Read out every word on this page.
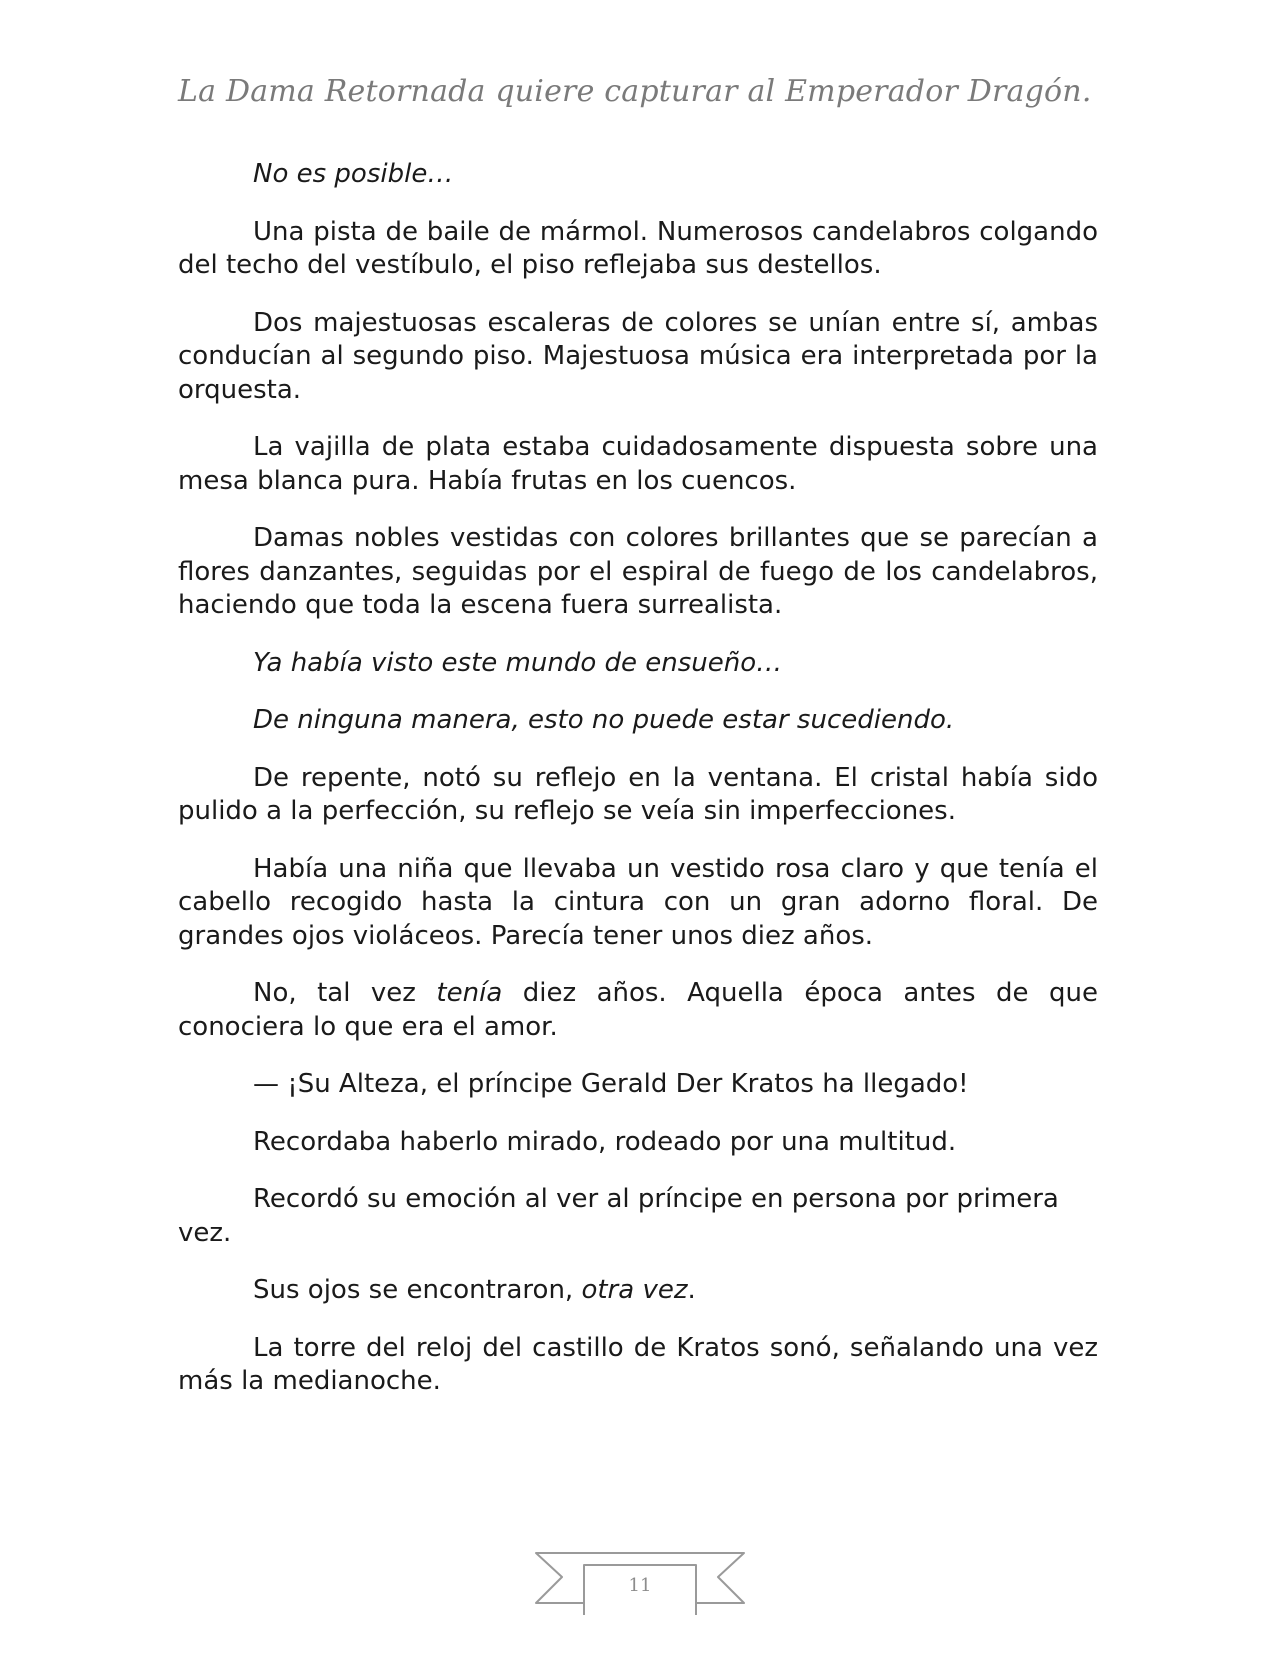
La Dama Retornada quiere capturar al Emperador Dragón.

No es posible…

Una pista de baile de mármol. Numerosos candelabros colgando del techo del vestíbulo, el piso reflejaba sus destellos.

Dos majestuosas escaleras de colores se unían entre sí, ambas conducían al segundo piso. Majestuosa música era interpretada por la orquesta.

La vajilla de plata estaba cuidadosamente dispuesta sobre una mesa blanca pura. Había frutas en los cuencos.

Damas nobles vestidas con colores brillantes que se parecían a flores danzantes, seguidas por el espiral de fuego de los candelabros, haciendo que toda la escena fuera surrealista.

Ya había visto este mundo de ensueño…

De ninguna manera, esto no puede estar sucediendo.

De repente, notó su reflejo en la ventana. El cristal había sido pulido a la perfección, su reflejo se veía sin imperfecciones.

Había una niña que llevaba un vestido rosa claro y que tenía el cabello recogido hasta la cintura con un gran adorno floral. De grandes ojos violáceos. Parecía tener unos diez años.

No, tal vez tenía diez años. Aquella época antes de que conociera lo que era el amor.

— ¡Su Alteza, el príncipe Gerald Der Kratos ha llegado!

Recordaba haberlo mirado, rodeado por una multitud.

Recordó su emoción al ver al príncipe en persona por primera vez.

Sus ojos se encontraron, otra vez.

La torre del reloj del castillo de Kratos sonó, señalando una vez más la medianoche.

11
